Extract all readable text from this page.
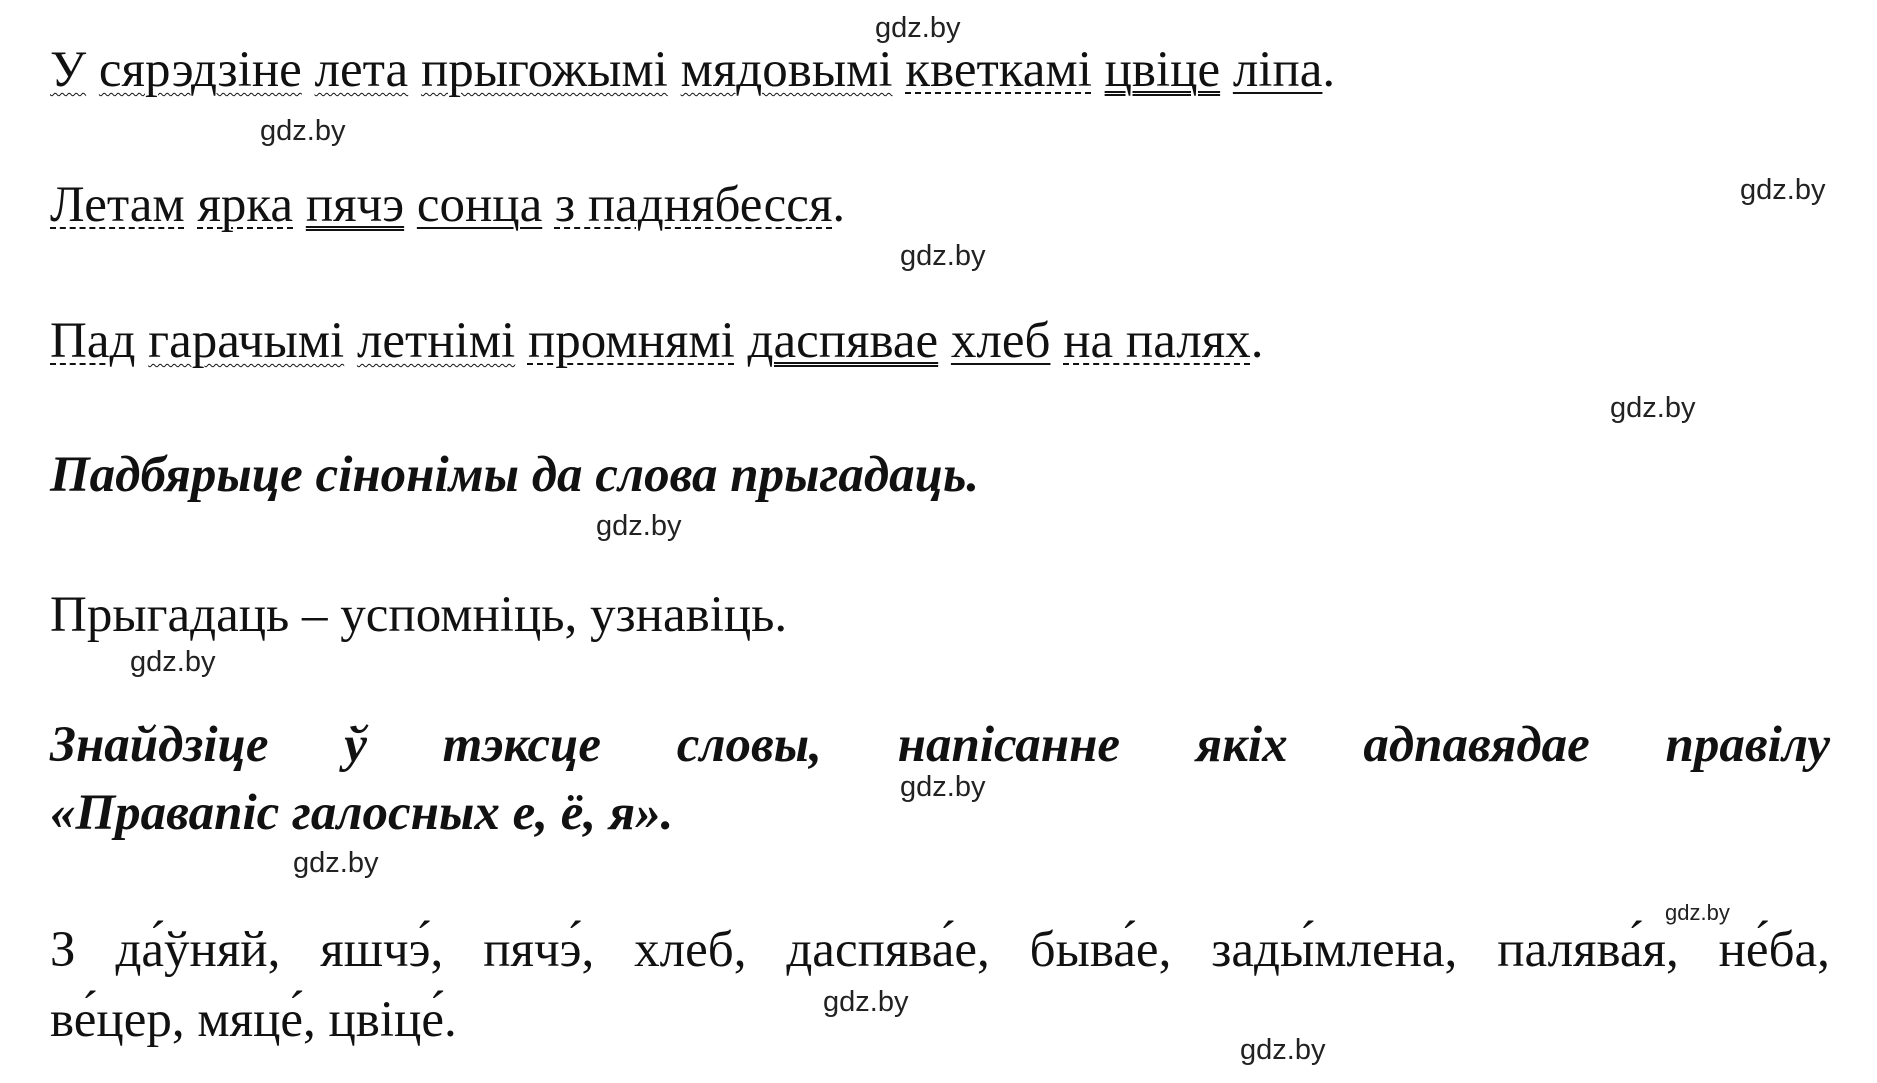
У сярэдзіне лета прыгожымі мядовымі кветкамі цвіце ліпа.
Летам ярка пячэ сонца з паднябесся.
Пад гарачымі летнімі промнямі даспявае хлеб на палях.
Падбярыце сінонімы да слова прыгадаць.
Прыгадаць – успомніць, узнавіць.
Знайдзіце ў тэксце словы, напісанне якіх адпавядае правілу
«Правапіс галосных е, ё, я».
З да́ўняй, яшчэ́, пячэ́, хлеб, даспява́е, быва́е, зады́млена, палява́я, не́ба,
ве́цер, мяце́, цвіце́.
gdz.by
gdz.by
gdz.by
gdz.by
gdz.by
gdz.by
gdz.by
gdz.by
gdz.by
gdz.by
gdz.by
gdz.by
